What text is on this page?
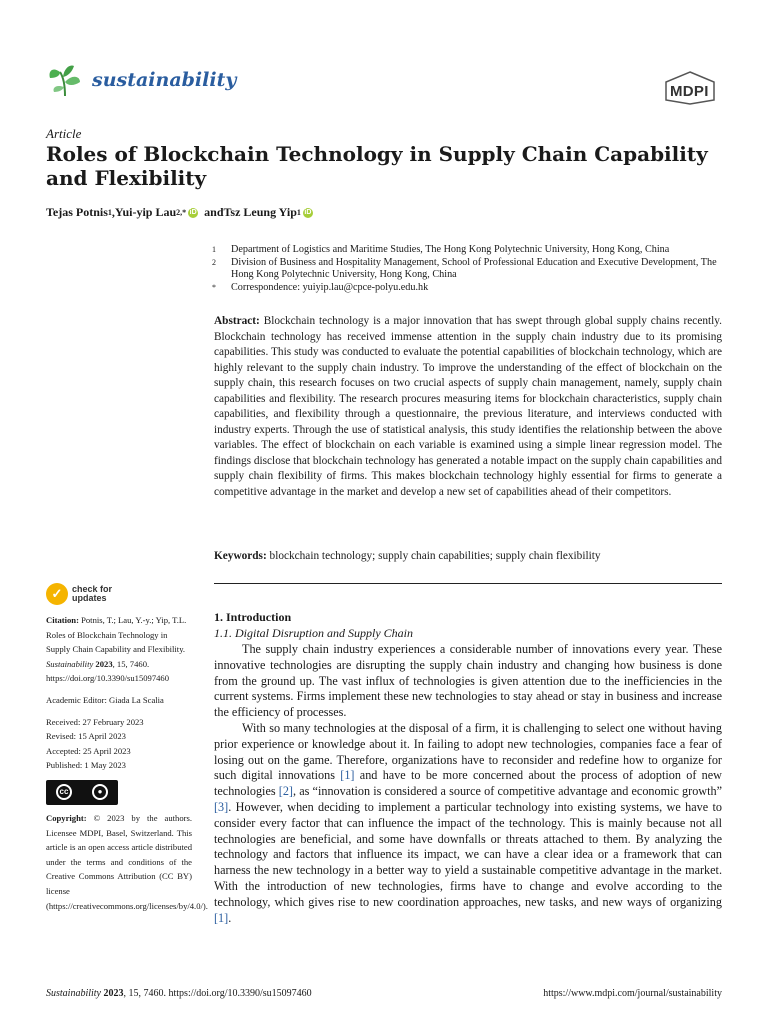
sustainability
MDPI
Article
Roles of Blockchain Technology in Supply Chain Capability and Flexibility
Tejas Potnis 1 , Yui-yip Lau 2,* iD and Tsz Leung Yip 1 iD
1	Department of Logistics and Maritime Studies, The Hong Kong Polytechnic University, Hong Kong, China
2	Division of Business and Hospitality Management, School of Professional Education and Executive Development, The Hong Kong Polytechnic University, Hong Kong, China
*	Correspondence: yuiyip.lau@cpce-polyu.edu.hk
Abstract: Blockchain technology is a major innovation that has swept through global supply chains recently. Blockchain technology has received immense attention in the supply chain industry due to its promising capabilities. This study was conducted to evaluate the potential capabilities of blockchain technology, which are highly relevant to the supply chain industry. To improve the understanding of the effect of blockchain on the supply chain, this research focuses on two crucial aspects of supply chain management, namely, supply chain capabilities and flexibility. The research procures measuring items for blockchain characteristics, supply chain capabilities, and flexibility through a questionnaire, the previous literature, and interviews conducted with industry experts. Through the use of statistical analysis, this study identifies the relationship between the above variables. The effect of blockchain on each variable is examined using a simple linear regression model. The findings disclose that blockchain technology has generated a notable impact on the supply chain capabilities and supply chain flexibility of firms. This makes blockchain technology highly essential for firms to generate a competitive advantage in the market and develop a new set of capabilities ahead of their competitors.
Keywords: blockchain technology; supply chain capabilities; supply chain flexibility
✓	check for updates
Citation: Potnis, T.; Lau, Y.-y.; Yip, T.L. Roles of Blockchain Technology in Supply Chain Capability and Flexibility. Sustainability 2023, 15, 7460. https://doi.org/10.3390/su15097460
Academic Editor: Giada La Scalia
Received: 27 February 2023
Revised: 15 April 2023
Accepted: 25 April 2023
Published: 1 May 2023
cc	●
Copyright: © 2023 by the authors. Licensee MDPI, Basel, Switzerland. This article is an open access article distributed under the terms and conditions of the Creative Commons Attribution (CC BY) license (https://creativecommons.org/licenses/by/4.0/).
1. Introduction
1.1. Digital Disruption and Supply Chain

The supply chain industry experiences a considerable number of innovations every year. These innovative technologies are disrupting the supply chain industry and changing how business is done from the ground up. The vast influx of technologies is given attention due to the inefficiencies in the current systems. Firms implement these new technologies to stay ahead or stay in business and increase the efficiency of processes.

With so many technologies at the disposal of a firm, it is challenging to select one without having prior experience or knowledge about it. In failing to adopt new technologies, companies face a fear of losing out on the game. Therefore, organizations have to reconsider and redefine how to organize for such digital innovations [1] and have to be more concerned about the process of adoption of new technologies [2], as “innovation is considered a source of competitive advantage and economic growth” [3]. However, when deciding to implement a particular technology into existing systems, we have to consider every factor that can influence the impact of the technology. This is mainly because not all technologies are beneficial, and some have downfalls or threats attached to them. By analyzing the technology and factors that influence its impact, we can have a clear idea or a framework that can harness the new technology in a better way to yield a sustainable competitive advantage in the market. With the introduction of new technologies, firms have to change and evolve according to the technology, which gives rise to new coordination approaches, new tasks, and new ways of organizing [1].

Sustainability 2023, 15, 7460. https://doi.org/10.3390/su15097460	https://www.mdpi.com/journal/sustainability
